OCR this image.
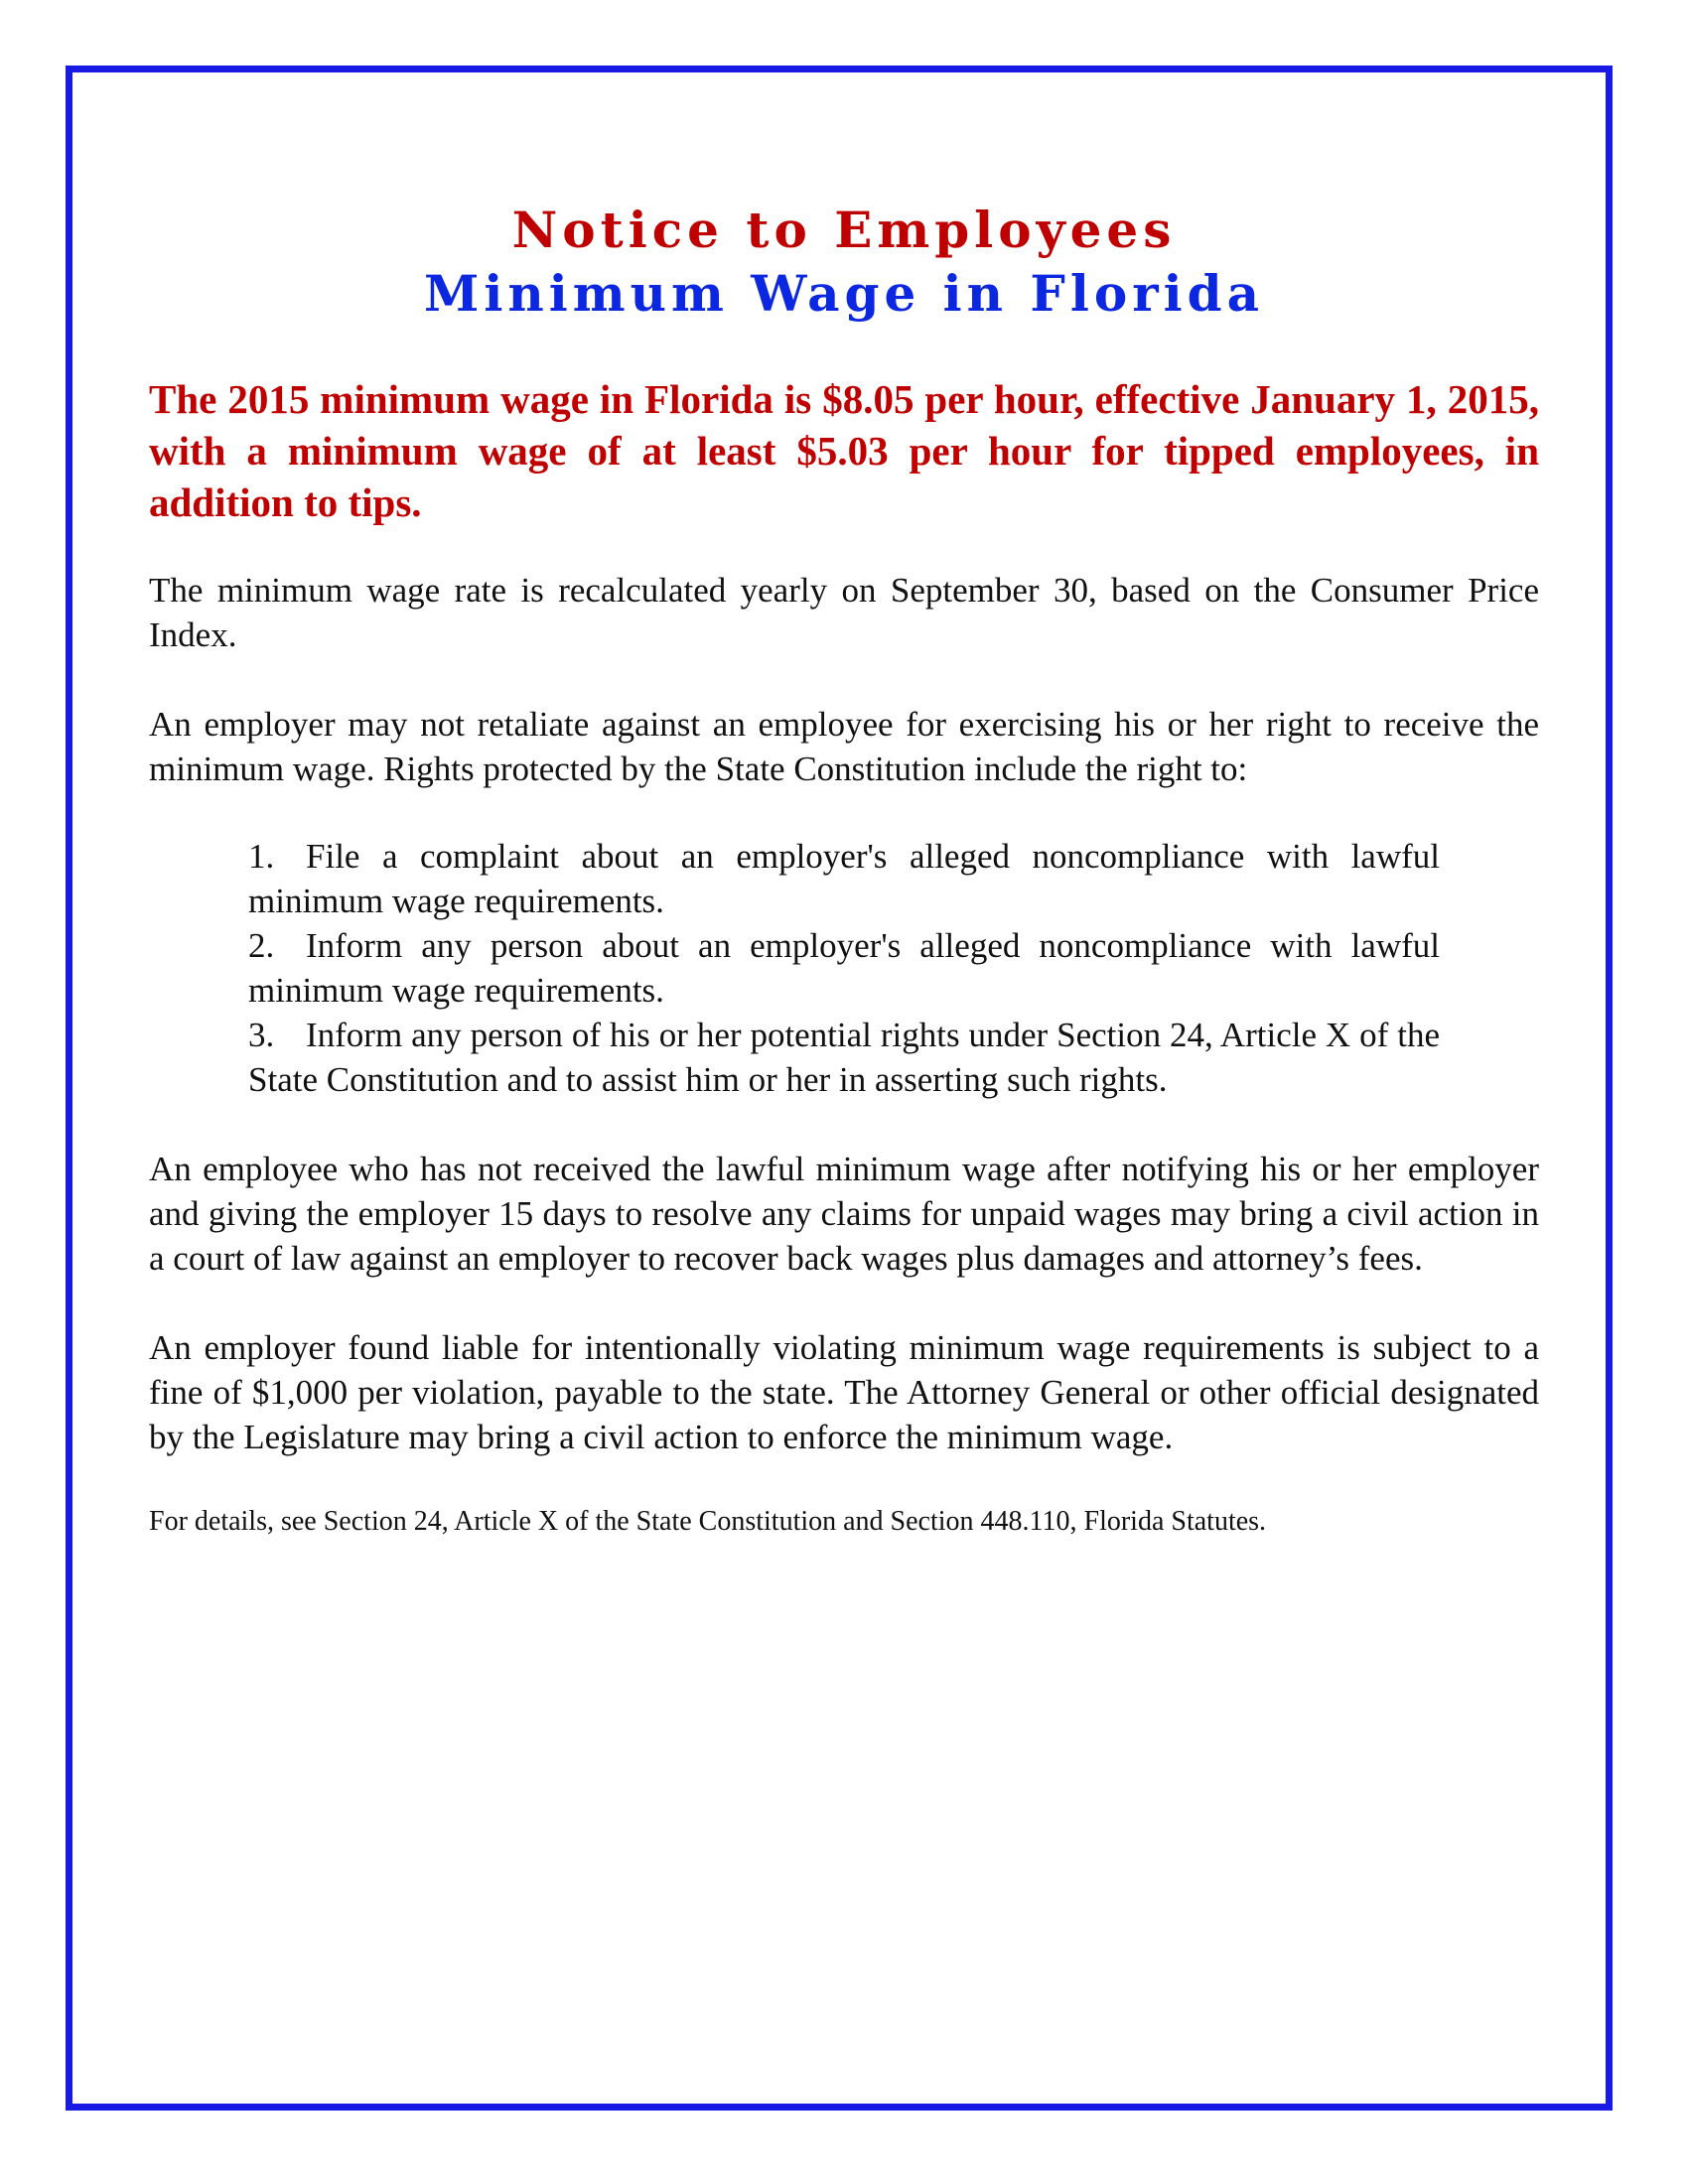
Notice to Employees
Minimum Wage in Florida

The 2015 minimum wage in Florida is $8.05 per hour, effective January 1, 2015, with a minimum wage of at least $5.03 per hour for tipped employees, in addition to tips.

The minimum wage rate is recalculated yearly on September 30, based on the Consumer Price Index.

An employer may not retaliate against an employee for exercising his or her right to receive the minimum wage. Rights protected by the State Constitution include the right to:

1. File a complaint about an employer's alleged noncompliance with lawful minimum wage requirements.
2. Inform any person about an employer's alleged noncompliance with lawful minimum wage requirements.
3. Inform any person of his or her potential rights under Section 24, Article X of the State Constitution and to assist him or her in asserting such rights.

An employee who has not received the lawful minimum wage after notifying his or her employer and giving the employer 15 days to resolve any claims for unpaid wages may bring a civil action in a court of law against an employer to recover back wages plus damages and attorney’s fees.

An employer found liable for intentionally violating minimum wage requirements is subject to a fine of $1,000 per violation, payable to the state. The Attorney General or other official designated by the Legislature may bring a civil action to enforce the minimum wage.

For details, see Section 24, Article X of the State Constitution and Section 448.110, Florida Statutes.
